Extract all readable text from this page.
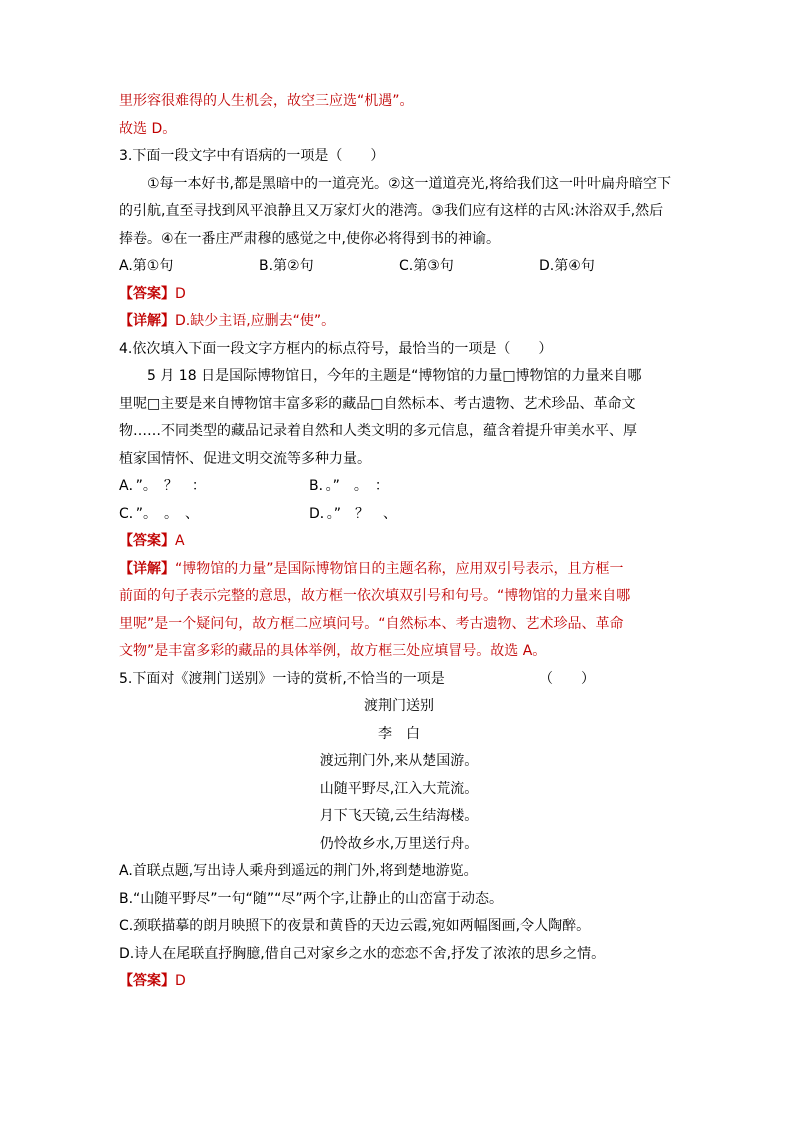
里形容很难得的人生机会，故空三应选“机遇”。
故选 D。
3.下面一段文字中有语病的一项是（　　）
①每一本好书,都是黑暗中的一道亮光。②这一道道亮光,将给我们这一叶叶扁舟暗空下
的引航,直至寻找到风平浪静且又万家灯火的港湾。③我们应有这样的古风:沐浴双手,然后
捧卷。④在一番庄严肃穆的感觉之中,使你必将得到书的神谕。
A.第①句	B.第②句	C.第③句	D.第④句
【答案】D
【详解】D.缺少主语,应删去“使”。
4.依次填入下面一段文字方框内的标点符号，最恰当的一项是（　　）
5 月 18 日是国际博物馆日，今年的主题是“博物馆的力量□博物馆的力量来自哪
里呢□主要是来自博物馆丰富多彩的藏品□自然标本、考古遗物、艺术珍品、革命文
物……不同类型的藏品记录着自然和人类文明的多元信息，蕴含着提升审美水平、厚
植家国情怀、促进文明交流等多种力量。
A．”。　？　：	B．。”　。　：
C．”。　。　、	D．。”　？　、
【答案】A
【详解】“博物馆的力量”是国际博物馆日的主题名称，应用双引号表示，且方框一
前面的句子表示完整的意思，故方框一依次填双引号和句号。“博物馆的力量来自哪
里呢”是一个疑问句，故方框二应填问号。“自然标本、考古遗物、艺术珍品、革命
文物”是丰富多彩的藏品的具体举例，故方框三处应填冒号。故选 A。
5.下面对《渡荆门送别》一诗的赏析,不恰当的一项是	（　　）
渡荆门送别
李　白
渡远荆门外,来从楚国游。
山随平野尽,江入大荒流。
月下飞天镜,云生结海楼。
仍怜故乡水,万里送行舟。
A.首联点题,写出诗人乘舟到遥远的荆门外,将到楚地游览。
B.“山随平野尽”一句“随”“尽”两个字,让静止的山峦富于动态。
C.颈联描摹的朗月映照下的夜景和黄昏的天边云霞,宛如两幅图画,令人陶醉。
D.诗人在尾联直抒胸臆,借自己对家乡之水的恋恋不舍,抒发了浓浓的思乡之情。
【答案】D
